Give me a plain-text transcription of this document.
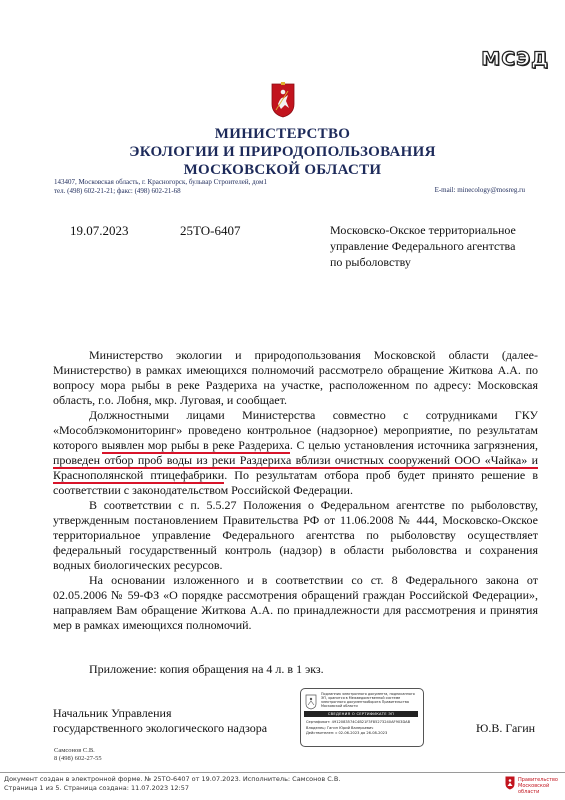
МСЭД
МИНИСТЕРСТВО
ЭКОЛОГИИ И ПРИРОДОПОЛЬЗОВАНИЯ
МОСКОВСКОЙ ОБЛАСТИ
143407, Московская область, г. Красногорск, бульвар Строителей, дом1
тел. (498) 602-21-21; факс: (498) 602-21-68	E-mail: minecology@mosreg.ru
19.07.2023	25ТО-6407	Московско-Окское территориальное
управление Федерального агентства
по рыболовству

Министерство экологии и природопользования Московской области (далее-Министерство) в рамках имеющихся полномочий рассмотрело обращение Житкова А.А. по вопросу мора рыбы в реке Раздериха на участке, расположенном по адресу: Московская область, г.о. Лобня, мкр. Луговая, и сообщает.

Должностными лицами Министерства совместно с сотрудниками ГКУ «Мособлэкомониторинг» проведено контрольное (надзорное) мероприятие, по результатам которого выявлен мор рыбы в реке Раздериха. С целью установления источника загрязнения, проведен отбор проб воды из реки Раздериха вблизи очистных сооружений ООО «Чайка» и Краснополянской птицефабрики. По результатам отбора проб будет принято решение в соответствии с законодательством Российской Федерации.

В соответствии с п. 5.5.27 Положения о Федеральном агентстве по рыболовству, утвержденным постановлением Правительства РФ от 11.06.2008 № 444, Московско-Окское территориальное управление Федерального агентства по рыболовству осуществляет федеральный государственный контроль (надзор) в области рыболовства и сохранения водных биологических ресурсов.

На основании изложенного и в соответствии со ст. 8 Федерального закона от 02.05.2006 № 59-ФЗ «О порядке рассмотрения обращений граждан Российской Федерации», направляем Вам обращение Житкова А.А. по принадлежности для рассмотрения и принятия мер в рамках имеющихся полномочий.

Приложение: копия обращения на 4 л. в 1 экз.
Начальник Управления
государственного экологического надзора	Ю.В. Гагин
Подлинник электронного документа, подписанного ЭП, хранится в Межведомственной системе электронного документооборота Правительства Московской области
СВЕДЕНИЯ О СЕРТИФИКАТЕ ЭП
Сертификат: 4912083574C4B21F3F85273240AF903DAB
Владелец: Гагин Юрий Валерьевич
Действителен: с 02-06-2023 до 26-08-2023
Самсонов С.В.
8 (498) 602-27-55
Документ создан в электронной форме. № 25ТО-6407 от 19.07.2023. Исполнитель: Самсонов С.В.
Страница 1 из 5. Страница создана: 11.07.2023 12:57
Правительство
Московской области
